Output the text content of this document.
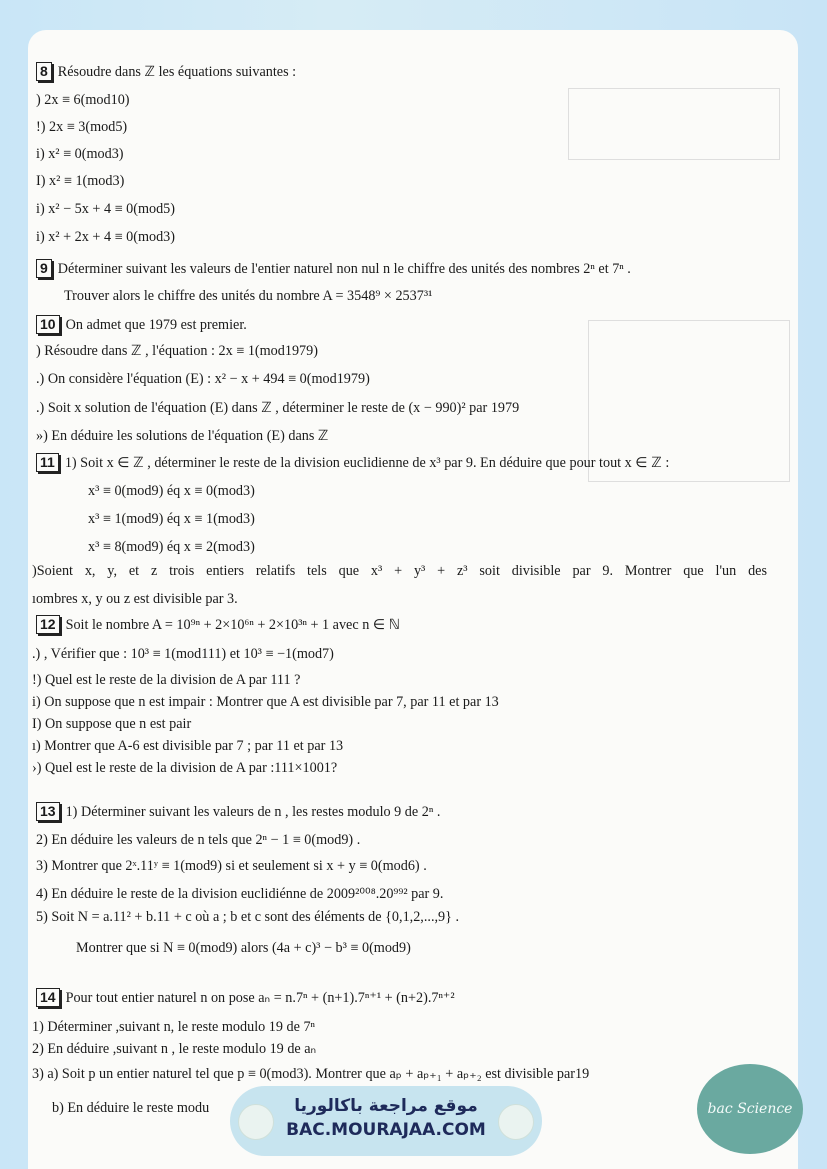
8 Résoudre dans ℤ les équations suivantes :
) 2x ≡ 6(mod10)
!) 2x ≡ 3(mod5)
i) x² ≡ 0(mod3)
I) x² ≡ 1(mod3)
i) x² − 5x + 4 ≡ 0(mod5)
i) x² + 2x + 4 ≡ 0(mod3)
9 Déterminer suivant les valeurs de l'entier naturel non nul n le chiffre des unités des nombres 2ⁿ et 7ⁿ .
Trouver alors le chiffre des unités du nombre A = 3548⁹ × 2537³¹
10 On admet que 1979 est premier.
) Résoudre dans ℤ , l'équation : 2x ≡ 1(mod1979)
.) On considère l'équation (E) : x² − x + 494 ≡ 0(mod1979)
.) Soit x solution de l'équation (E) dans ℤ , déterminer le reste de (x − 990)² par 1979
») En déduire les solutions de l'équation (E) dans ℤ
11 1) Soit x ∈ ℤ , déterminer le reste de la division euclidienne de x³ par 9. En déduire que pour tout x ∈ ℤ :
x³ ≡ 0(mod9) éq x ≡ 0(mod3)
x³ ≡ 1(mod9) éq x ≡ 1(mod3)
x³ ≡ 8(mod9) éq x ≡ 2(mod3)
)Soient x, y, et z trois entiers relatifs tels que x³ + y³ + z³ soit divisible par 9. Montrer que l'un des
ıombres x, y ou z est divisible par 3.
12 Soit le nombre A = 10⁹ⁿ + 2×10⁶ⁿ + 2×10³ⁿ + 1 avec n ∈ ℕ
.) , Vérifier que : 10³ ≡ 1(mod111) et 10³ ≡ −1(mod7)
!) Quel est le reste de la division de A par 111 ?
i) On suppose que n est impair : Montrer que A est divisible par 7, par 11 et par 13
I) On suppose que n est pair
ı) Montrer que A-6 est divisible par 7 ; par 11 et par 13
›) Quel est le reste de la division de A par :111×1001?
13 1) Déterminer suivant les valeurs de n , les restes modulo 9 de 2ⁿ .
2) En déduire les valeurs de n tels que 2ⁿ − 1 ≡ 0(mod9) .
3) Montrer que 2ˣ.11ʸ ≡ 1(mod9) si et seulement si x + y ≡ 0(mod6) .
4) En déduire le reste de la division euclidiénne de 2009²⁰⁰⁸.20⁹⁹² par 9.
5) Soit N = a.11² + b.11 + c où a ; b et c sont des éléments de {0,1,2,...,9} .
Montrer que si N ≡ 0(mod9) alors (4a + c)³ − b³ ≡ 0(mod9)
14 Pour tout entier naturel n on pose aₙ = n.7ⁿ + (n+1).7ⁿ⁺¹ + (n+2).7ⁿ⁺²
1) Déterminer ,suivant n, le reste modulo 19 de 7ⁿ
2) En déduire ,suivant n , le reste modulo 19 de aₙ
3) a) Soit p un entier naturel tel que p ≡ 0(mod3). Montrer que aₚ + aₚ₊₁ + aₚ₊₂ est divisible par19
b) En déduire le reste modu	موقع مراجعة باكالوريا
BAC.MOURAJAA.COM
bac Science
